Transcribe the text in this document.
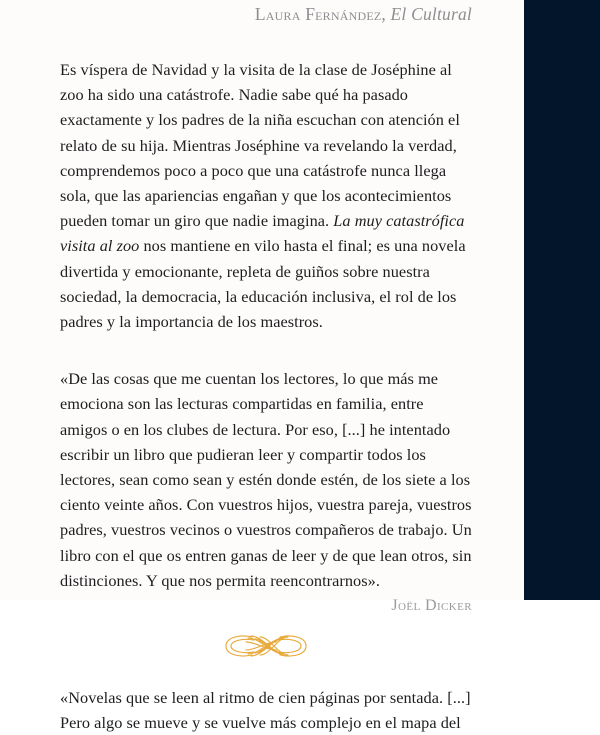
Laura Fernández, El Cultural

Es víspera de Navidad y la visita de la clase de Joséphine al zoo ha sido una catástrofe. Nadie sabe qué ha pasado exactamente y los padres de la niña escuchan con atención el relato de su hija. Mientras Joséphine va revelando la verdad, comprendemos poco a poco que una catástrofe nunca llega sola, que las apariencias engañan y que los acontecimientos pueden tomar un giro que nadie imagina. La muy catastrófica visita al zoo nos mantiene en vilo hasta el final; es una novela divertida y emocionante, repleta de guiños sobre nuestra sociedad, la democracia, la educación inclusiva, el rol de los padres y la importancia de los maestros.

«De las cosas que me cuentan los lectores, lo que más me emociona son las lecturas compartidas en familia, entre amigos o en los clubes de lectura. Por eso, [...] he intentado escribir un libro que pudieran leer y compartir todos los lectores, sean como sean y estén donde estén, de los siete a los ciento veinte años. Con vuestros hijos, vuestra pareja, vuestros padres, vuestros vecinos o vuestros compañeros de trabajo. Un libro con el que os entren ganas de leer y de que lean otros, sin distinciones. Y que nos permita reencontrarnos».

Joël Dicker

«Novelas que se leen al ritmo de cien páginas por sentada. [...] Pero algo se mueve y se vuelve más complejo en el mapa del
